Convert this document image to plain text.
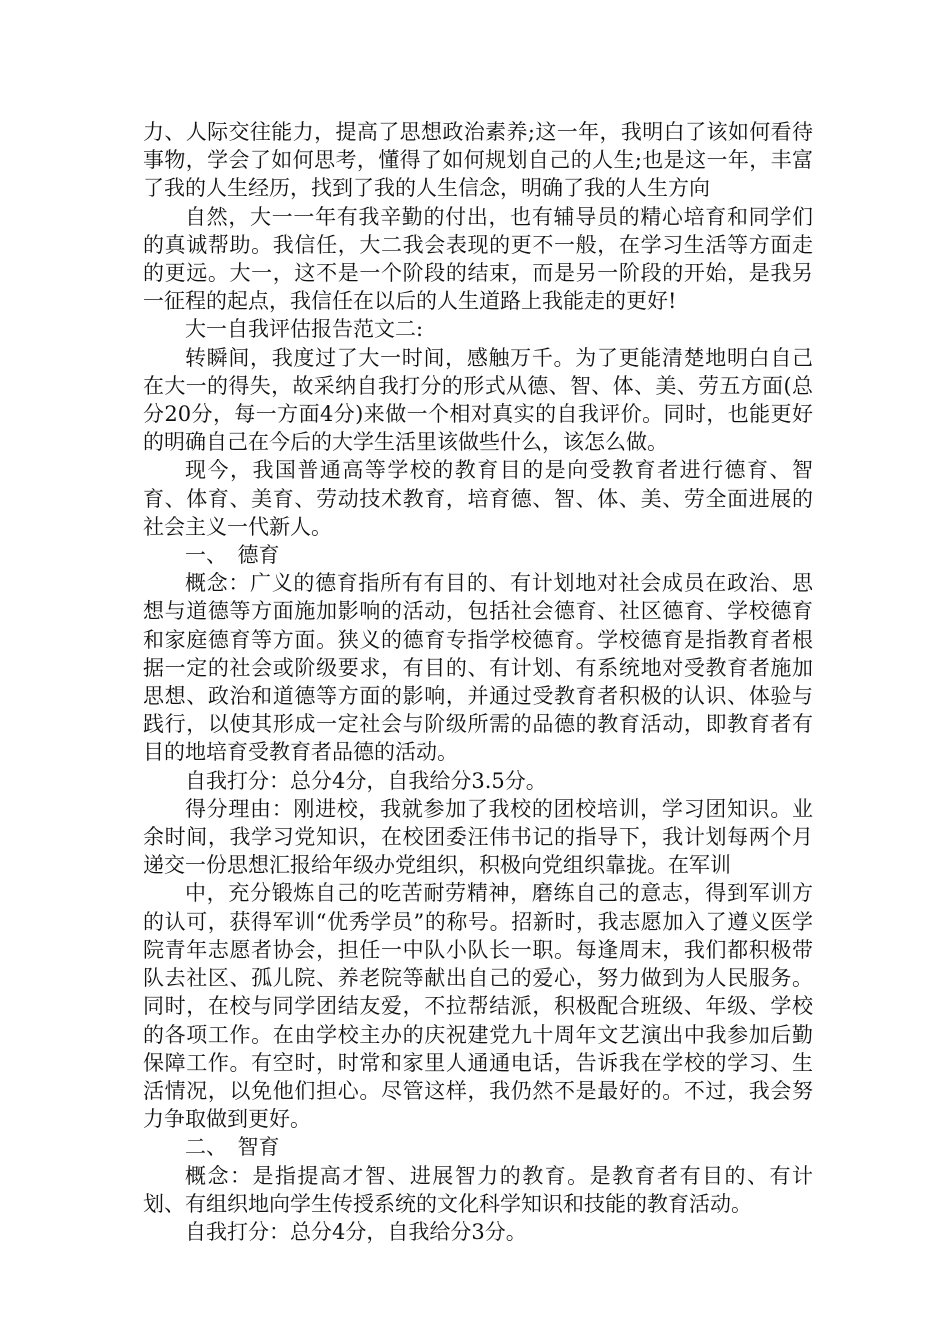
力、人际交往能力，提高了思想政治素养;这一年，我明白了该如何看待事物，学会了如何思考，懂得了如何规划自己的人生;也是这一年，丰富了我的人生经历，找到了我的人生信念，明确了我的人生方向

自然，大一一年有我辛勤的付出，也有辅导员的精心培育和同学们的真诚帮助。我信任，大二我会表现的更不一般，在学习生活等方面走的更远。大一，这不是一个阶段的结束，而是另一阶段的开始，是我另一征程的起点，我信任在以后的人生道路上我能走的更好!

大一自我评估报告范文二:

转瞬间，我度过了大一时间，感触万千。为了更能清楚地明白自己在大一的得失，故采纳自我打分的形式从德、智、体、美、劳五方面(总分20分，每一方面4分)来做一个相对真实的自我评价。同时，也能更好的明确自己在今后的大学生活里该做些什么，该怎么做。

现今，我国普通高等学校的教育目的是向受教育者进行德育、智育、体育、美育、劳动技术教育，培育德、智、体、美、劳全面进展的社会主义一代新人。

一、　德育

概念：广义的德育指所有有目的、有计划地对社会成员在政治、思想与道德等方面施加影响的活动，包括社会德育、社区德育、学校德育和家庭德育等方面。狭义的德育专指学校德育。学校德育是指教育者根据一定的社会或阶级要求，有目的、有计划、有系统地对受教育者施加思想、政治和道德等方面的影响，并通过受教育者积极的认识、体验与践行，以使其形成一定社会与阶级所需的品德的教育活动，即教育者有目的地培育受教育者品德的活动。

自我打分：总分4分，自我给分3.5分。

得分理由：刚进校，我就参加了我校的团校培训，学习团知识。业余时间，我学习党知识，在校团委汪伟书记的指导下，我计划每两个月递交一份思想汇报给年级办党组织，积极向党组织靠拢。在军训

中，充分锻炼自己的吃苦耐劳精神，磨练自己的意志，得到军训方的认可，获得军训“优秀学员”的称号。招新时，我志愿加入了遵义医学院青年志愿者协会，担任一中队小队长一职。每逢周末，我们都积极带队去社区、孤儿院、养老院等献出自己的爱心，努力做到为人民服务。同时，在校与同学团结友爱，不拉帮结派，积极配合班级、年级、学校的各项工作。在由学校主办的庆祝建党九十周年文艺演出中我参加后勤保障工作。有空时，时常和家里人通通电话，告诉我在学校的学习、生活情况，以免他们担心。尽管这样，我仍然不是最好的。不过，我会努力争取做到更好。

二、　智育

概念：是指提高才智、进展智力的教育。是教育者有目的、有计划、有组织地向学生传授系统的文化科学知识和技能的教育活动。

自我打分：总分4分，自我给分3分。
